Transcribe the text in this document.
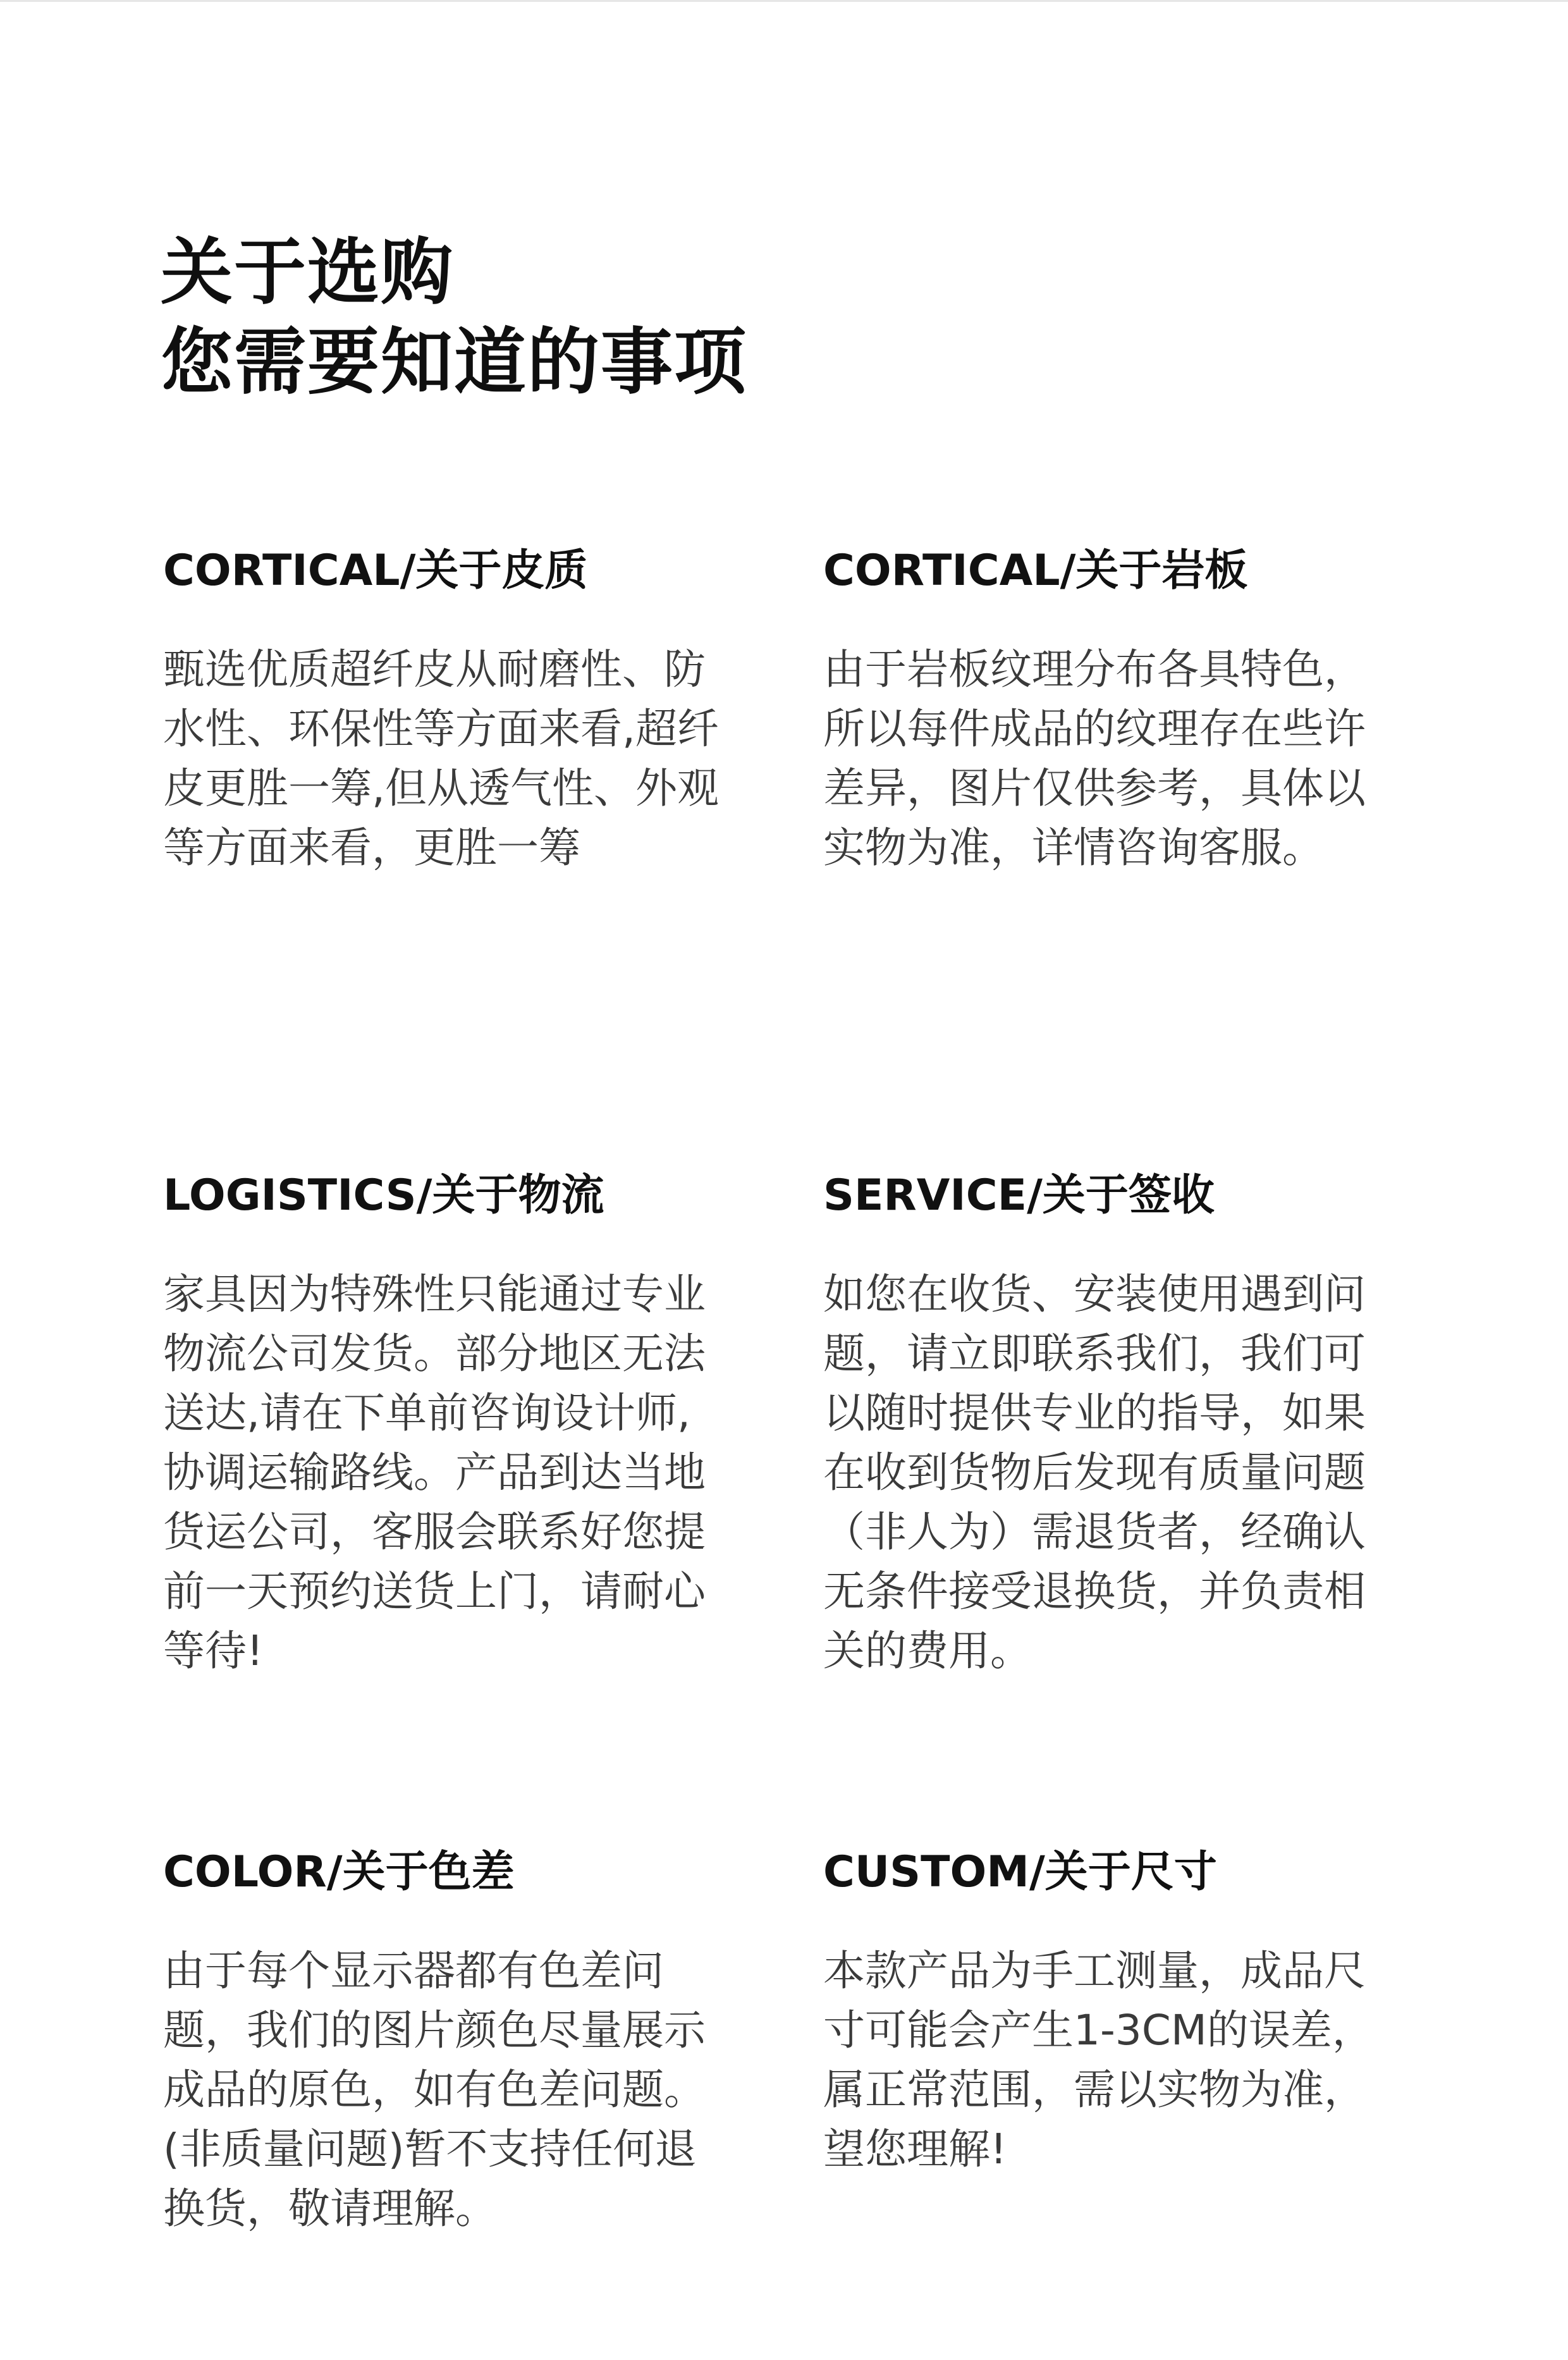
关于选购
您需要知道的事项
CORTICAL/关于皮质

甄选优质超纤皮从耐磨性、防水性、环保性等方面来看,超纤皮更胜一筹,但从透气性、外观等方面来看，更胜一筹

CORTICAL/关于岩板

由于岩板纹理分布各具特色，所以每件成品的纹理存在些许差异，图片仅供参考，具体以实物为准，详情咨询客服。

LOGISTICS/关于物流

家具因为特殊性只能通过专业物流公司发货。部分地区无法送达,请在下单前咨询设计师,协调运输路线。产品到达当地货运公司，客服会联系好您提前一天预约送货上门，请耐心等待!

SERVICE/关于签收

如您在收货、安装使用遇到问题，请立即联系我们，我们可以随时提供专业的指导，如果在收到货物后发现有质量问题（非人为）需退货者，经确认无条件接受退换货，并负责相关的费用。

COLOR/关于色差

由于每个显示器都有色差问题，我们的图片颜色尽量展示成品的原色，如有色差问题。(非质量问题)暂不支持任何退换货，敬请理解。

CUSTOM/关于尺寸

本款产品为手工测量，成品尺寸可能会产生1-3CM的误差，属正常范围，需以实物为准，望您理解!
